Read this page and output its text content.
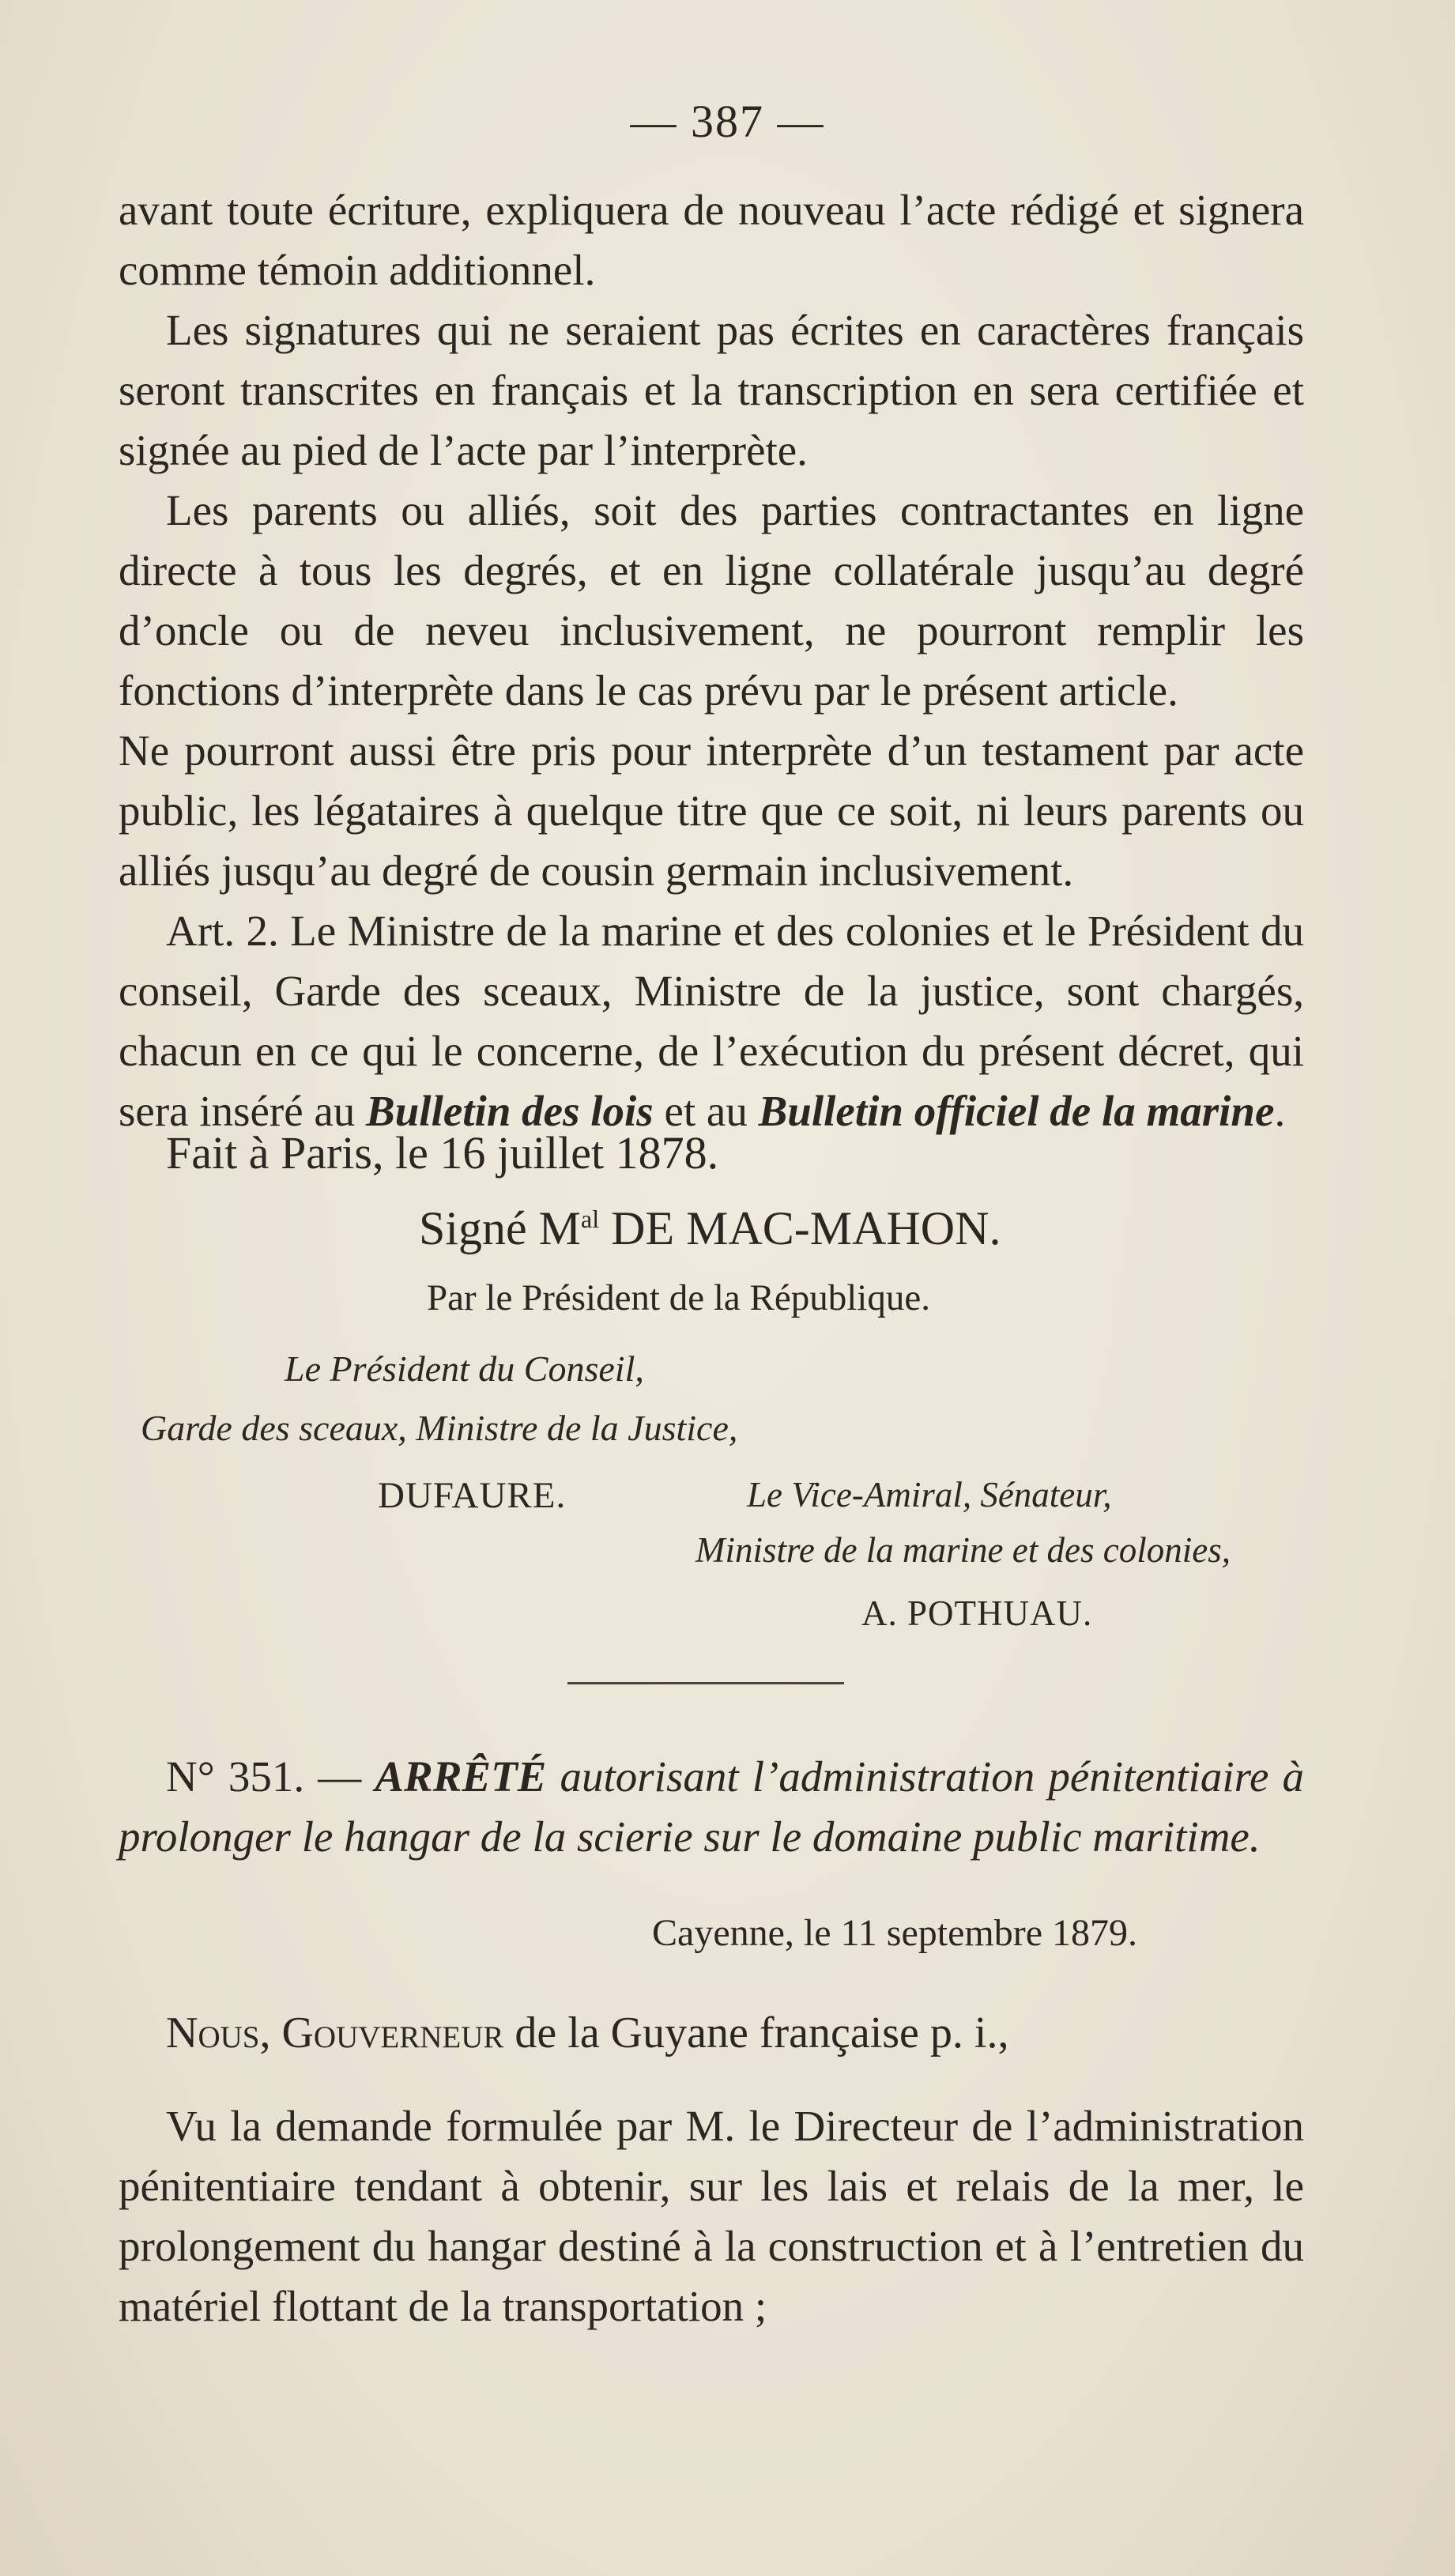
— 387 —

avant toute écriture, expliquera de nouveau l’acte rédigé et signera comme témoin additionnel.

Les signatures qui ne seraient pas écrites en caractères français seront transcrites en français et la transcription en sera certifiée et signée au pied de l’acte par l’interprète.

Les parents ou alliés, soit des parties contractantes en ligne directe à tous les degrés, et en ligne collatérale jusqu’au degré d’oncle ou de neveu inclusivement, ne pourront remplir les fonctions d’interprète dans le cas prévu par le présent article.

Ne pourront aussi être pris pour interprète d’un testament par acte public, les légataires à quelque titre que ce soit, ni leurs parents ou alliés jusqu’au degré de cousin germain inclusivement.

Art. 2. Le Ministre de la marine et des colonies et le Président du conseil, Garde des sceaux, Ministre de la justice, sont chargés, chacun en ce qui le concerne, de l’exécution du présent décret, qui sera inséré au Bulletin des lois et au Bulletin officiel de la marine.

Fait à Paris, le 16 juillet 1878.
Signé $M^{al}$ DE MAC-MAHON.
Par le Président de la République.
Le Président du Conseil,
Garde des sceaux, Ministre de la Justice,
DUFAURE.	Le Vice-Amiral, Sénateur,
Ministre de la marine et des colonies,
A. POTHUAU.

N° 351. — ARRÊTÉ autorisant l’administration pénitentiaire à prolonger le hangar de la scierie sur le domaine public maritime.

Cayenne, le 11 septembre 1879.
Nous, Gouverneur de la Guyane française p. i.,

Vu la demande formulée par M. le Directeur de l’administration pénitentiaire tendant à obtenir, sur les lais et relais de la mer, le prolongement du hangar destiné à la construction et à l’entretien du matériel flottant de la transportation ;
